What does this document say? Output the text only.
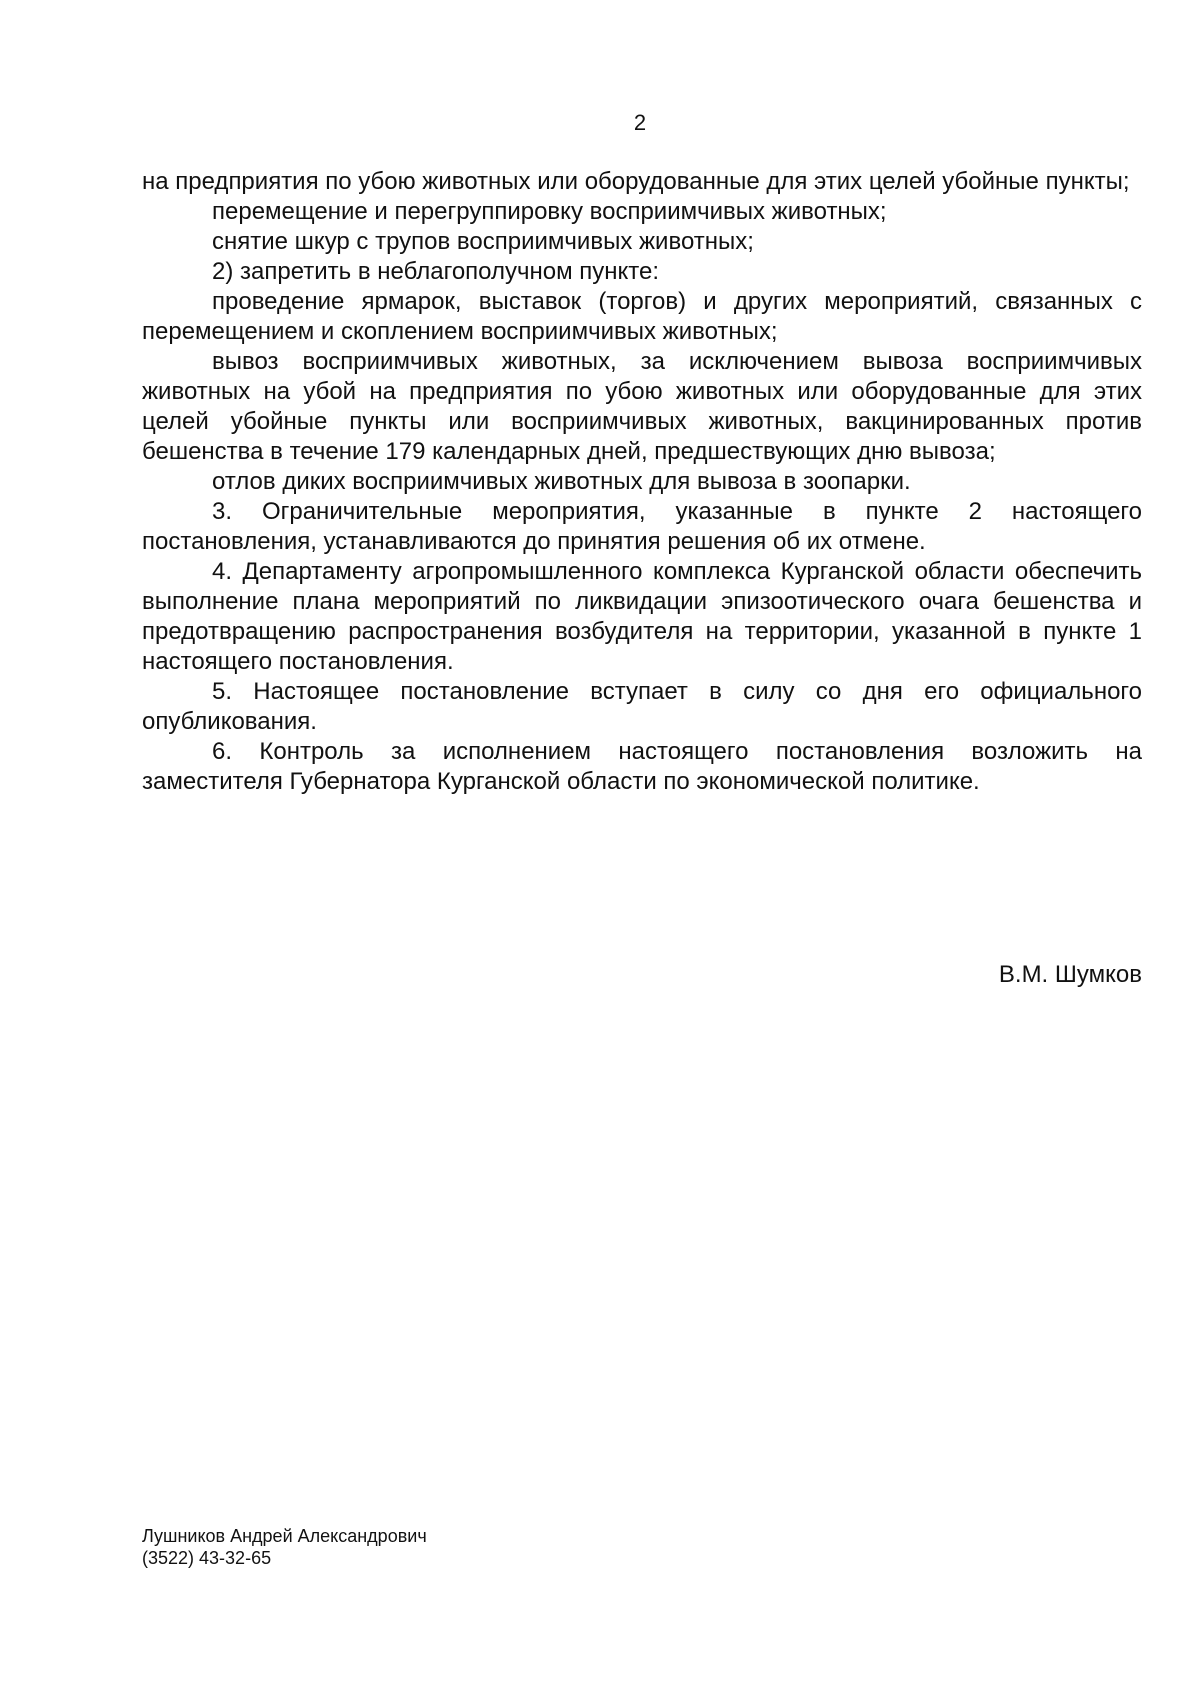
2

на предприятия по убою животных или оборудованные для этих целей убойные пункты;

перемещение и перегруппировку восприимчивых животных;

снятие шкур с трупов восприимчивых животных;

2) запретить в неблагополучном пункте:

проведение ярмарок, выставок (торгов) и других мероприятий, связанных с перемещением и скоплением восприимчивых животных;

вывоз восприимчивых животных, за исключением вывоза восприимчивых животных на убой на предприятия по убою животных или оборудованные для этих целей убойные пункты или восприимчивых животных, вакцинированных против бешенства в течение 179 календарных дней, предшествующих дню вывоза;

отлов диких восприимчивых животных для вывоза в зоопарки.

3. Ограничительные мероприятия, указанные в пункте 2 настоящего постановления, устанавливаются до принятия решения об их отмене.

4. Департаменту агропромышленного комплекса Курганской области обеспечить выполнение плана мероприятий по ликвидации эпизоотического очага бешенства и предотвращению распространения возбудителя на территории, указанной в пункте 1 настоящего постановления.

5. Настоящее постановление вступает в силу со дня его официального опубликования.

6. Контроль за исполнением настоящего постановления возложить на заместителя Губернатора Курганской области по экономической политике.

В.М. Шумков
Лушников Андрей Александрович
(3522) 43-32-65
